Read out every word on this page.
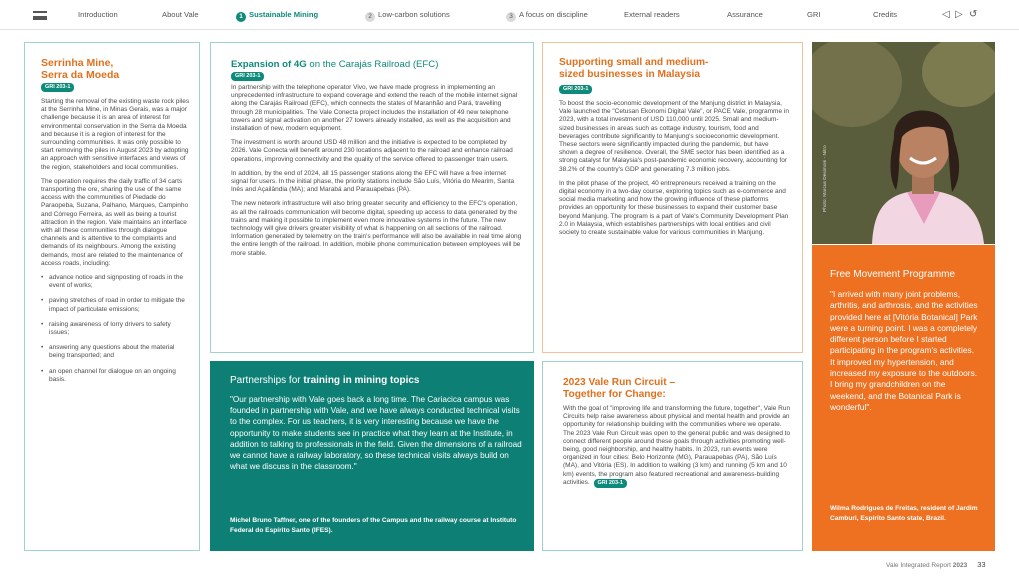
Introduction	About Vale	1 Sustainable Mining	2 Low-carbon solutions	3 A focus on discipline	External readers	Assurance	GRI	Credits	◁ ▷ ↺
Serrinha Mine,
Serra da Moeda
GRI 203-1

Starting the removal of the existing waste rock piles at the Serrinha Mine, in Minas Gerais, was a major challenge because it is an area of interest for environmental conservation in the Serra da Moeda and because it is a region of interest for the surrounding communities. It was only possible to start removing the piles in August 2023 by adopting an approach with sensitive interfaces and views of the region, stakeholders and local communities.

The operation requires the daily traffic of 34 carts transporting the ore, sharing the use of the same access with the communities of Piedade do Paraopeba, Suzana, Palhano, Marques, Campinho and Córrego Ferreira, as well as being a tourist attraction in the region. Vale maintains an interface with all these communities through dialogue channels and is attentive to the complaints and demands of its neighbours. Among the existing demands, most are related to the maintenance of access roads, including:

• advance notice and signposting of roads in the event of works;
• paving stretches of road in order to mitigate the impact of particulate emissions;
• raising awareness of lorry drivers to safety issues;
• answering any questions about the material being transported; and
• an open channel for dialogue on an ongoing basis.
Expansion of 4G on the Carajás Railroad (EFC)
GRI 203-1

In partnership with the telephone operator Vivo, we have made progress in implementing an unprecedented infrastructure to expand coverage and extend the reach of the mobile internet signal along the Carajás Railroad (EFC), which connects the states of Maranhão and Pará, travelling through 28 municipalities. The Vale Conecta project includes the installation of 49 new telephone towers and signal activation on another 27 towers already installed, as well as the acquisition and installation of new, modern equipment.

The investment is worth around USD 48 million and the initiative is expected to be completed by 2026. Vale Conecta will benefit around 230 locations adjacent to the railroad and enhance railroad operations, improving connectivity and the quality of the service offered to passenger train users.

In addition, by the end of 2024, all 15 passenger stations along the EFC will have a free internet signal for users. In the initial phase, the priority stations include São Luís, Vitória do Mearim, Santa Inês and Açailândia (MA); and Marabá and Parauapebas (PA).

The new network infrastructure will also bring greater security and efficiency to the EFC's operation, as all the railroads communication will become digital, speeding up access to data generated by the trains and making it possible to implement even more innovative systems in the future. The new technology will give drivers greater visibility of what is happening on all sections of the railroad. Information generated by telemetry on the train's performance will also be available in real time along the entire length of the railroad. In addition, mobile phone communication between employees will be more stable.

Partnerships for training in mining topics
"Our partnership with Vale goes back a long time. The Cariacica campus was founded in partnership with Vale, and we have always conducted technical visits to the complex. For us teachers, it is very interesting because we have the opportunity to make students see in practice what they learn at the Institute, in addition to talking to professionals in the field. Given the dimensions of a railroad we cannot have a railway laboratory, so these technical visits always build on what we discuss in the classroom."
Michel Bruno Taffner, one of the founders of the Campus and the railway course at Instituto Federal do Espírito Santo (IFES).
Supporting small and medium-
sized businesses in Malaysia
GRI 203-1

To boost the socio-economic development of the Manjung district in Malaysia, Vale launched the "Cetusan Ekonomi Digital Vale", or PACE Vale, programme in 2023, with a total investment of USD 110,000 until 2025. Small and medium-sized businesses in areas such as cottage industry, tourism, food and beverages contribute significantly to Manjung's socioeconomic development. These sectors were significantly impacted during the pandemic, but have shown a degree of resilience. Overall, the SME sector has been identified as a strong catalyst for Malaysia's post-pandemic economic recovery, accounting for 38.2% of the country's GDP and generating 7.3 million jobs.

In the pilot phase of the project, 40 entrepreneurs received a training on the digital economy in a two-day course, exploring topics such as e-commerce and social media marketing and how the growing influence of these platforms provides an opportunity for these businesses to expand their customer base beyond Manjung. The program is a part of Vale's Community Development Plan 2.0 in Malaysia, which establishes partnerships with local entities and civil society to create sustainable value for various communities in Manjung.

2023 Vale Run Circuit –
Together for Change:

With the goal of "improving life and transforming the future, together", Vale Run Circuits help raise awareness about physical and mental health and provide an opportunity for relationship building with the communities where we operate. The 2023 Vale Run Circuit was open to the general public and was designed to connect different people around these goals through activities promoting well-being, good neighborship, and healthy habits. In 2023, run events were organized in four cities: Belo Horizonte (MG), Parauapebas (PA), São Luís (MA), and Vitória (ES). In addition to walking (3 km) and running (5 km and 10 km) events, the program also featured recreational and awareness-building activities. GRI 203-1

Photo: Marcus Desimoni - Nitro
Free Movement Programme
"I arrived with many joint problems, arthritis, and arthrosis, and the activities provided here at [Vitória Botanical] Park were a turning point. I was a completely different person before I started participating in the program's activities. It improved my hypertension, and increased my exposure to the outdoors. I bring my grandchildren on the weekend, and the Botanical Park is wonderful".
Wilma Rodrigues de Freitas, resident of Jardim Camburi, Espírito Santo state, Brazil.
Vale Integrated Report 2023 33
